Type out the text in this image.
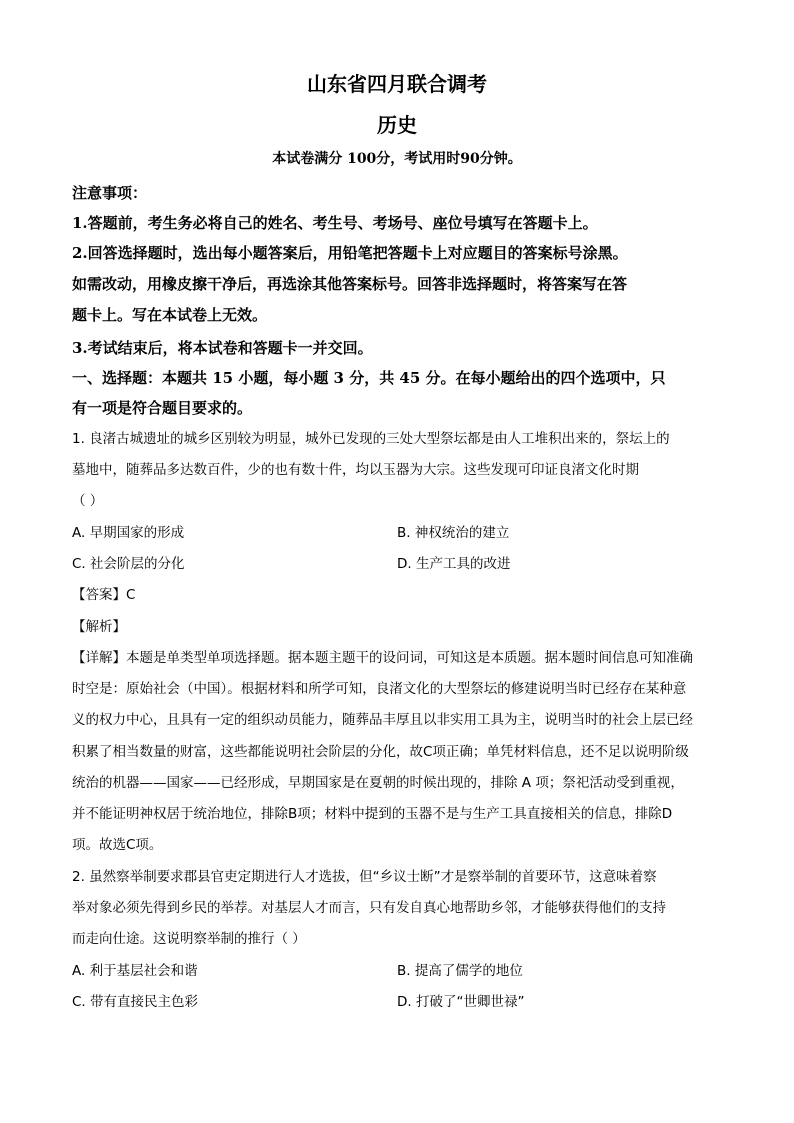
山东省四月联合调考
历史
本试卷满分 100分，考试用时90分钟。
注意事项：
1.答题前，考生务必将自己的姓名、考生号、考场号、座位号填写在答题卡上。
2.回答选择题时，选出每小题答案后，用铅笔把答题卡上对应题目的答案标号涂黑。
如需改动，用橡皮擦干净后，再选涂其他答案标号。回答非选择题时，将答案写在答
题卡上。写在本试卷上无效。
3.考试结束后，将本试卷和答题卡一并交回。
一、选择题：本题共 15 小题，每小题 3 分，共 45 分。在每小题给出的四个选项中，只
有一项是符合题目要求的。
1. 良渚古城遗址的城乡区别较为明显，城外已发现的三处大型祭坛都是由人工堆积出来的，祭坛上的
墓地中，随葬品多达数百件，少的也有数十件，均以玉器为大宗。这些发现可印证良渚文化时期
（ ）
A. 早期国家的形成	B. 神权统治的建立
C. 社会阶层的分化	D. 生产工具的改进
【答案】C
【解析】
【详解】本题是单类型单项选择题。据本题主题干的设问词，可知这是本质题。据本题时间信息可知准确
时空是：原始社会（中国）。根据材料和所学可知，良渚文化的大型祭坛的修建说明当时已经存在某种意
义的权力中心，且具有一定的组织动员能力，随葬品丰厚且以非实用工具为主，说明当时的社会上层已经
积累了相当数量的财富，这些都能说明社会阶层的分化，故C项正确；单凭材料信息，还不足以说明阶级
统治的机器——国家——已经形成，早期国家是在夏朝的时候出现的，排除 A 项；祭祀活动受到重视，
并不能证明神权居于统治地位，排除B项；材料中提到的玉器不是与生产工具直接相关的信息，排除D
项。故选C项。
2. 虽然察举制要求郡县官吏定期进行人才选拔，但“乡议士断”才是察举制的首要环节，这意味着察
举对象必须先得到乡民的举荐。对基层人才而言，只有发自真心地帮助乡邻，才能够获得他们的支持
而走向仕途。这说明察举制的推行（ ）
A. 利于基层社会和谐	B. 提高了儒学的地位
C. 带有直接民主色彩	D. 打破了“世卿世禄”
